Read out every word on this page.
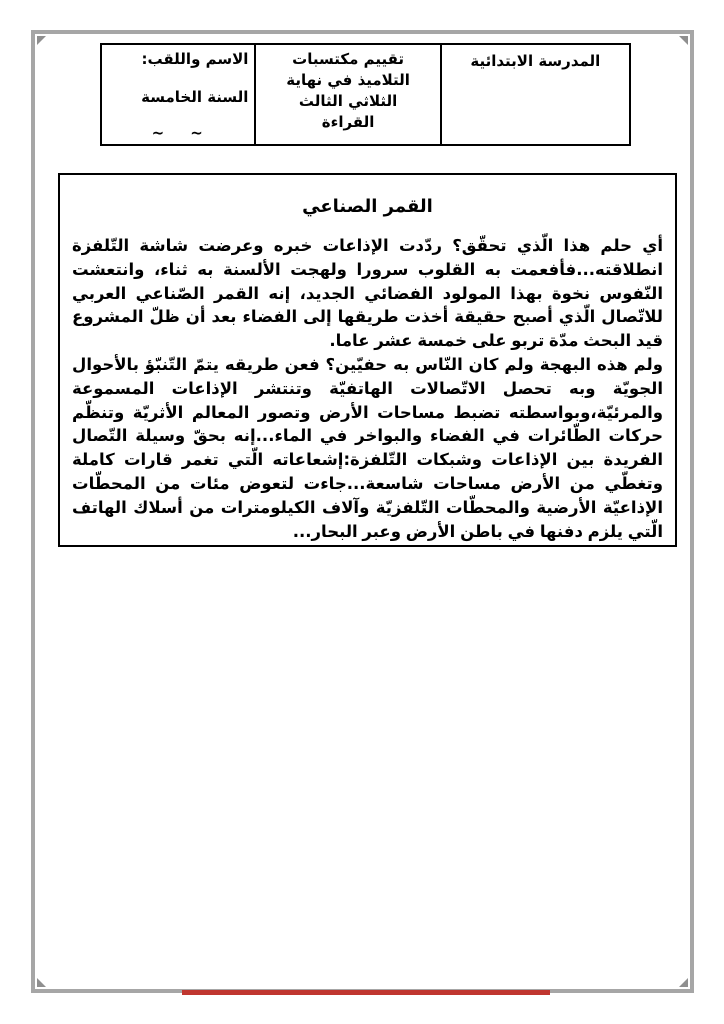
المدرسة الابتدائية
تقييم مكتسبات
التلاميذ في نهاية
الثلاثي الثالث
القراءة
الاسم واللقب:
السنة الخامسة
~     ~
القمر الصناعي

أي حلم هذا الّذي تحقّق؟ ردّدت الإذاعات خبره وعرضت شاشة التّلفزة انطلاقته...فأفعمت به القلوب سرورا ولهجت الألسنة به ثناء، وانتعشت النّفوس نخوة بهذا المولود الفضائي الجديد، إنه القمر الصّناعي العربي للاتّصال الّذي أصبح حقيقة أخذت طريقها إلى الفضاء بعد أن ظلّ المشروع قيد البحث مدّة تربو على خمسة عشر عاما.

ولم هذه البهجة ولم كان النّاس به حفيّين؟ فعن طريقه يتمّ التّنبّؤ بالأحوال الجويّة وبه تحصل الاتّصالات الهاتفيّة وتنتشر الإذاعات المسموعة والمرئيّة،وبواسطته تضبط مساحات الأرض وتصور المعالم الأثريّة وتنظّم حركات الطّائرات في الفضاء والبواخر في الماء...إنه بحقّ وسيلة التّصال الفريدة بين الإذاعات وشبكات التّلفزة:إشعاعاته الّتي تغمر قارات كاملة وتغطّي من الأرض مساحات شاسعة...جاءت لتعوض مئات من المحطّات الإذاعيّة الأرضية والمحطّات التّلفزيّة وآلاف الكيلومترات من أسلاك الهاتف الّتي يلزم دفنها في باطن الأرض وعبر البحار...
